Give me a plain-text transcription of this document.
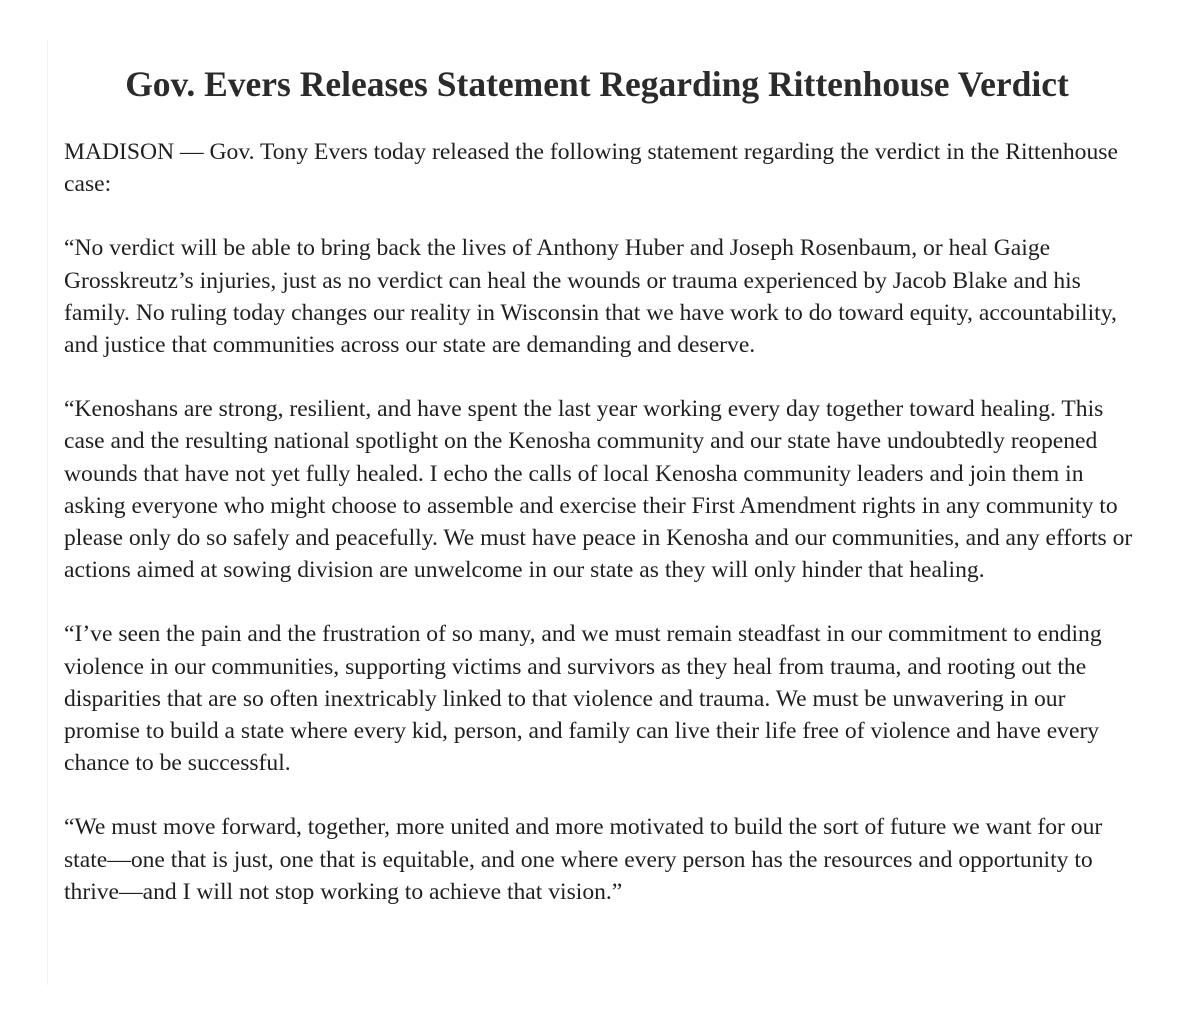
Gov. Evers Releases Statement Regarding Rittenhouse Verdict

MADISON — Gov. Tony Evers today released the following statement regarding the verdict in the Rittenhouse case:

“No verdict will be able to bring back the lives of Anthony Huber and Joseph Rosenbaum, or heal Gaige Grosskreutz’s injuries, just as no verdict can heal the wounds or trauma experienced by Jacob Blake and his family. No ruling today changes our reality in Wisconsin that we have work to do toward equity, accountability, and justice that communities across our state are demanding and deserve.

“Kenoshans are strong, resilient, and have spent the last year working every day together toward healing. This case and the resulting national spotlight on the Kenosha community and our state have undoubtedly reopened wounds that have not yet fully healed. I echo the calls of local Kenosha community leaders and join them in asking everyone who might choose to assemble and exercise their First Amendment rights in any community to please only do so safely and peacefully. We must have peace in Kenosha and our communities, and any efforts or actions aimed at sowing division are unwelcome in our state as they will only hinder that healing.

“I’ve seen the pain and the frustration of so many, and we must remain steadfast in our commitment to ending violence in our communities, supporting victims and survivors as they heal from trauma, and rooting out the disparities that are so often inextricably linked to that violence and trauma. We must be unwavering in our promise to build a state where every kid, person, and family can live their life free of violence and have every chance to be successful.

“We must move forward, together, more united and more motivated to build the sort of future we want for our state—one that is just, one that is equitable, and one where every person has the resources and opportunity to thrive—and I will not stop working to achieve that vision.”
